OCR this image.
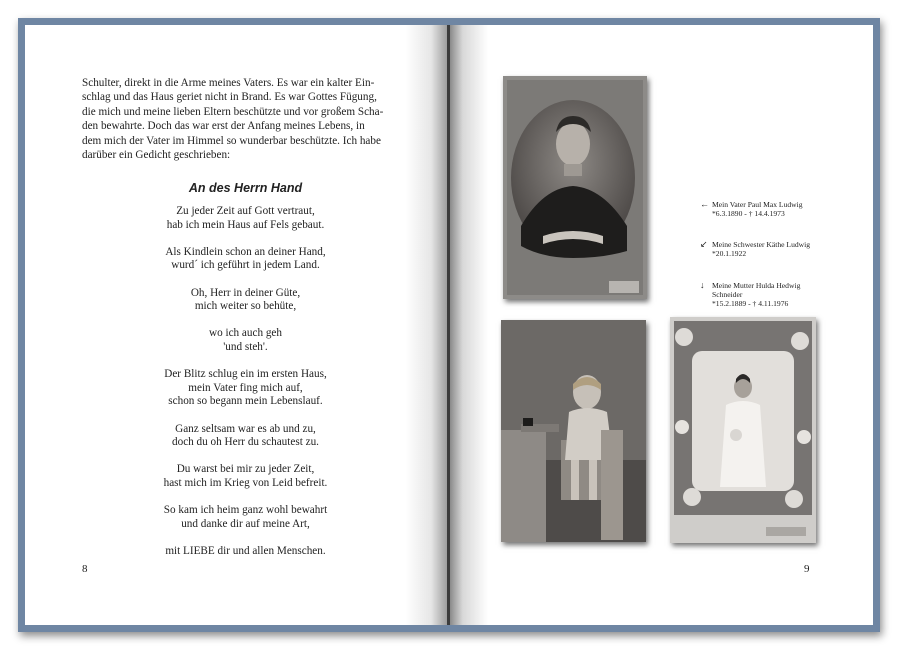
Schulter, direkt in die Arme meines Vaters. Es war ein kalter Ein-
schlag und das Haus geriet nicht in Brand. Es war Gottes Fügung,
die mich und meine lieben Eltern beschützte und vor großem Scha-
den bewahrte. Doch das war erst der Anfang meines Lebens, in
dem mich der Vater im Himmel so wunderbar beschützte. Ich habe
darüber ein Gedicht geschrieben:
An des Herrn Hand
Zu jeder Zeit auf Gott vertraut,
hab ich mein Haus auf Fels gebaut.
Als Kindlein schon an deiner Hand,
wurd´ ich geführt in jedem Land.
Oh, Herr in deiner Güte,
mich weiter so behüte,
wo ich auch geh
'und steh'.
Der Blitz schlug ein im ersten Haus,
mein Vater fing mich auf,
schon so begann mein Lebenslauf.
Ganz seltsam war es ab und zu,
doch du oh Herr du schautest zu.
Du warst bei mir zu jeder Zeit,
hast mich im Krieg von Leid befreit.
So kam ich heim ganz wohl bewahrt
und danke dir auf meine Art,
mit LIEBE dir und allen Menschen.
8
← Mein Vater Paul Max Ludwig
*6.3.1890 - † 14.4.1973
↙ Meine Schwester Käthe Ludwig
*20.1.1922
↓ Meine Mutter Hulda Hedwig Schneider
*15.2.1889 - † 4.11.1976
9
